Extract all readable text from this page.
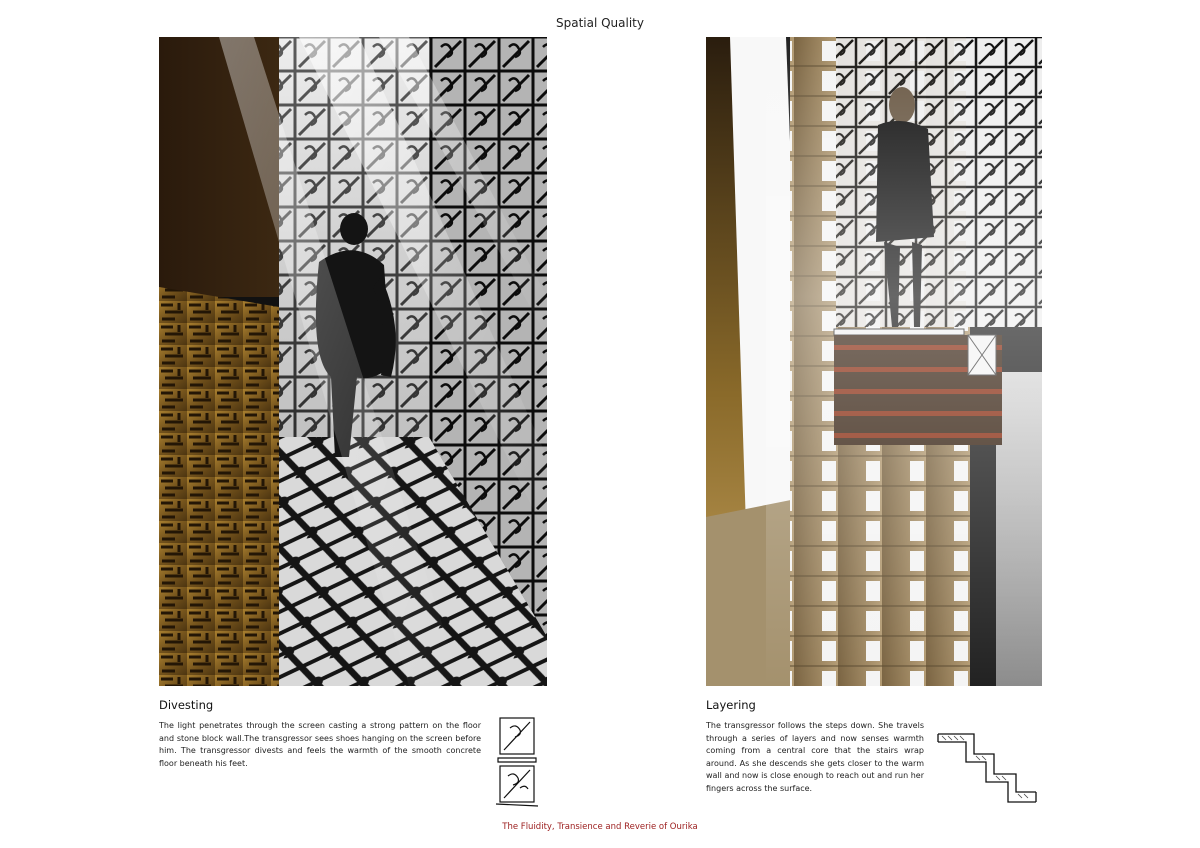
Spatial Quality
Divesting
The light penetrates through the screen casting a strong pattern on the floor and stone block wall.The transgressor sees shoes hanging on the screen before him. The transgressor divests and feels the warmth of the smooth concrete floor beneath his feet.
Layering
The transgressor follows the steps down. She travels through a series of layers and now senses warmth coming from a central core that the stairs wrap around. As she descends she gets closer to the warm wall and now is close enough to reach out and run her fingers across the surface.
The Fluidity, Transience and Reverie of Ourika
